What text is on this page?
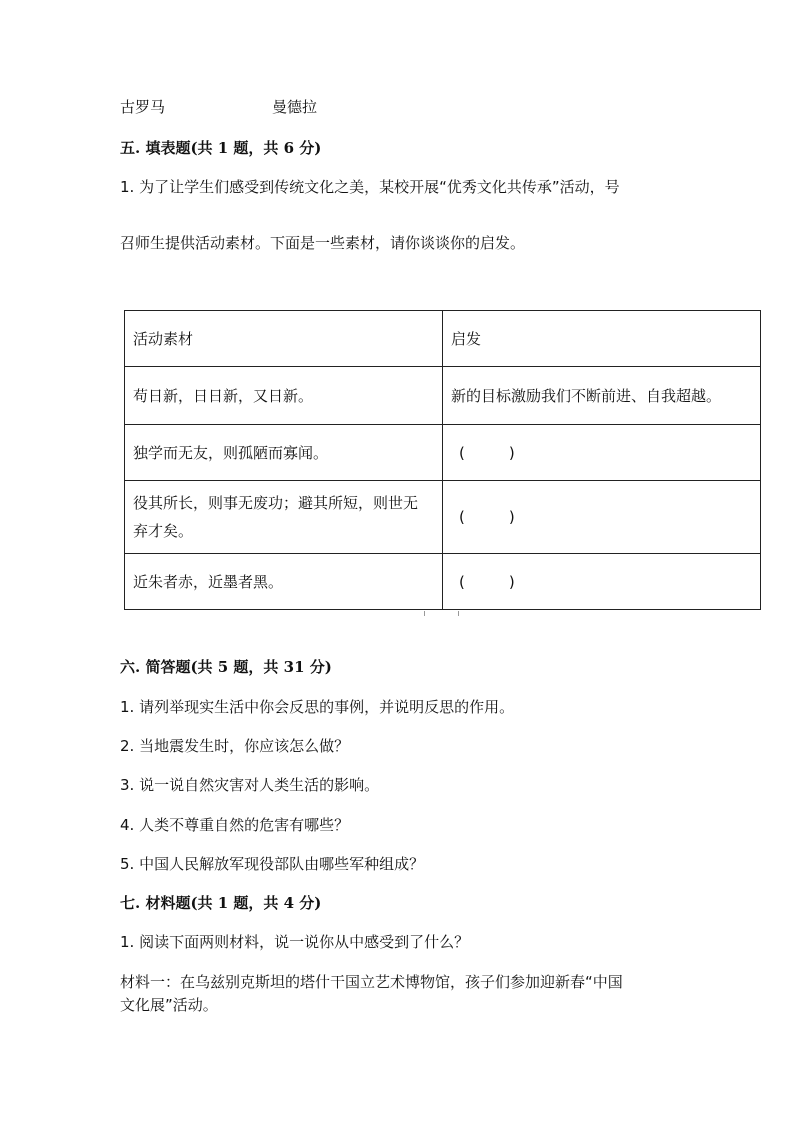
古罗马	曼德拉
五. 填表题(共 1 题，共 6 分)
1. 为了让学生们感受到传统文化之美，某校开展“优秀文化共传承”活动，号
召师生提供活动素材。下面是一些素材，请你谈谈你的启发。
活动素材	启发
苟日新，日日新，又日新。	新的目标激励我们不断前进、自我超越。
独学而无友，则孤陋而寡闻。	( )

役其所长，则事无废功；避其所短，则世无
弃才矣。	( )
近朱者赤，近墨者黑。	( )
六. 简答题(共 5 题，共 31 分)
1. 请列举现实生活中你会反思的事例，并说明反思的作用。
2. 当地震发生时，你应该怎么做？
3. 说一说自然灾害对人类生活的影响。
4. 人类不尊重自然的危害有哪些？
5. 中国人民解放军现役部队由哪些军种组成？
七. 材料题(共 1 题，共 4 分)
1. 阅读下面两则材料，说一说你从中感受到了什么？
材料一：在乌兹别克斯坦的塔什干国立艺术博物馆，孩子们参加迎新春“中国
文化展”活动。
